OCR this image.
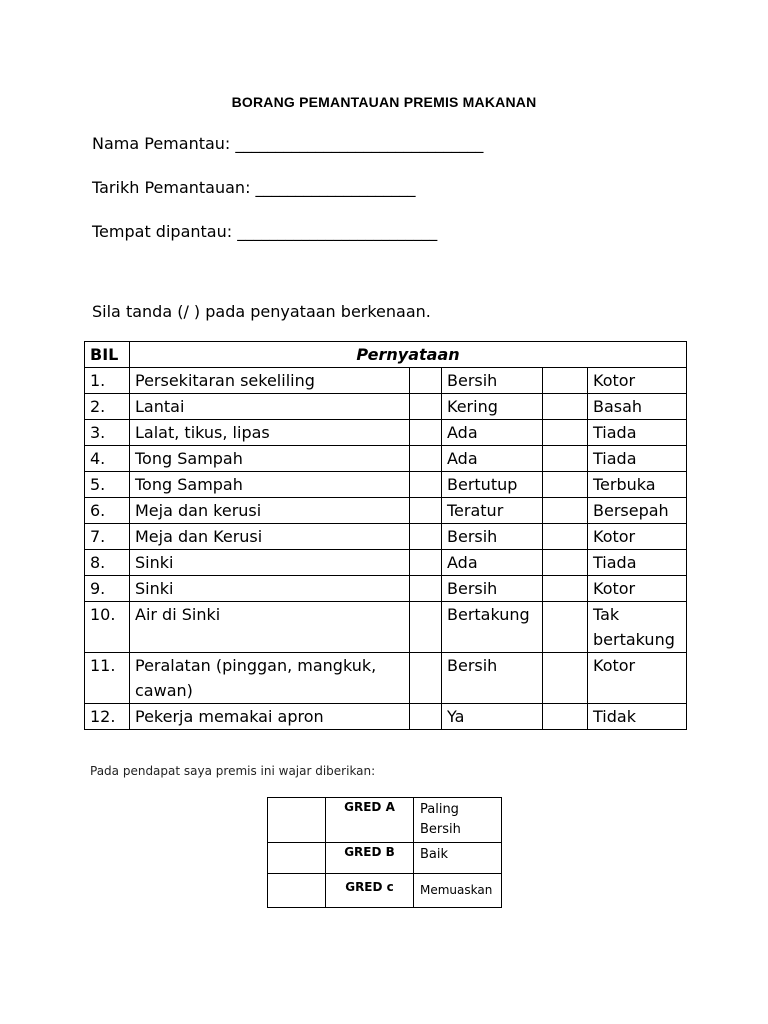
BORANG PEMANTAUAN PREMIS MAKANAN
Nama Pemantau: _______________________________
Tarikh Pemantauan: ____________________
Tempat dipantau: _________________________
Sila tanda (/ ) pada penyataan berkenaan.
BIL	Pernyataan				
1.	Persekitaran sekeliling		Bersih		Kotor
2.	Lantai		Kering		Basah
3.	Lalat, tikus, lipas		Ada		Tiada
4.	Tong Sampah		Ada		Tiada
5.	Tong Sampah		Bertutup		Terbuka
6.	Meja dan kerusi		Teratur		Bersepah
7.	Meja dan Kerusi		Bersih		Kotor
8.	Sinki		Ada		Tiada
9.	Sinki		Bersih		Kotor
10.	Air di Sinki		Bertakung		Tak bertakung
11.	Peralatan (pinggan, mangkuk, cawan)		Bersih		Kotor
12.	Pekerja memakai apron		Ya		Tidak
Pada pendapat saya premis ini wajar diberikan:
	GRED A	Paling Bersih
	GRED B	Baik
	GRED c	Memuaskan
